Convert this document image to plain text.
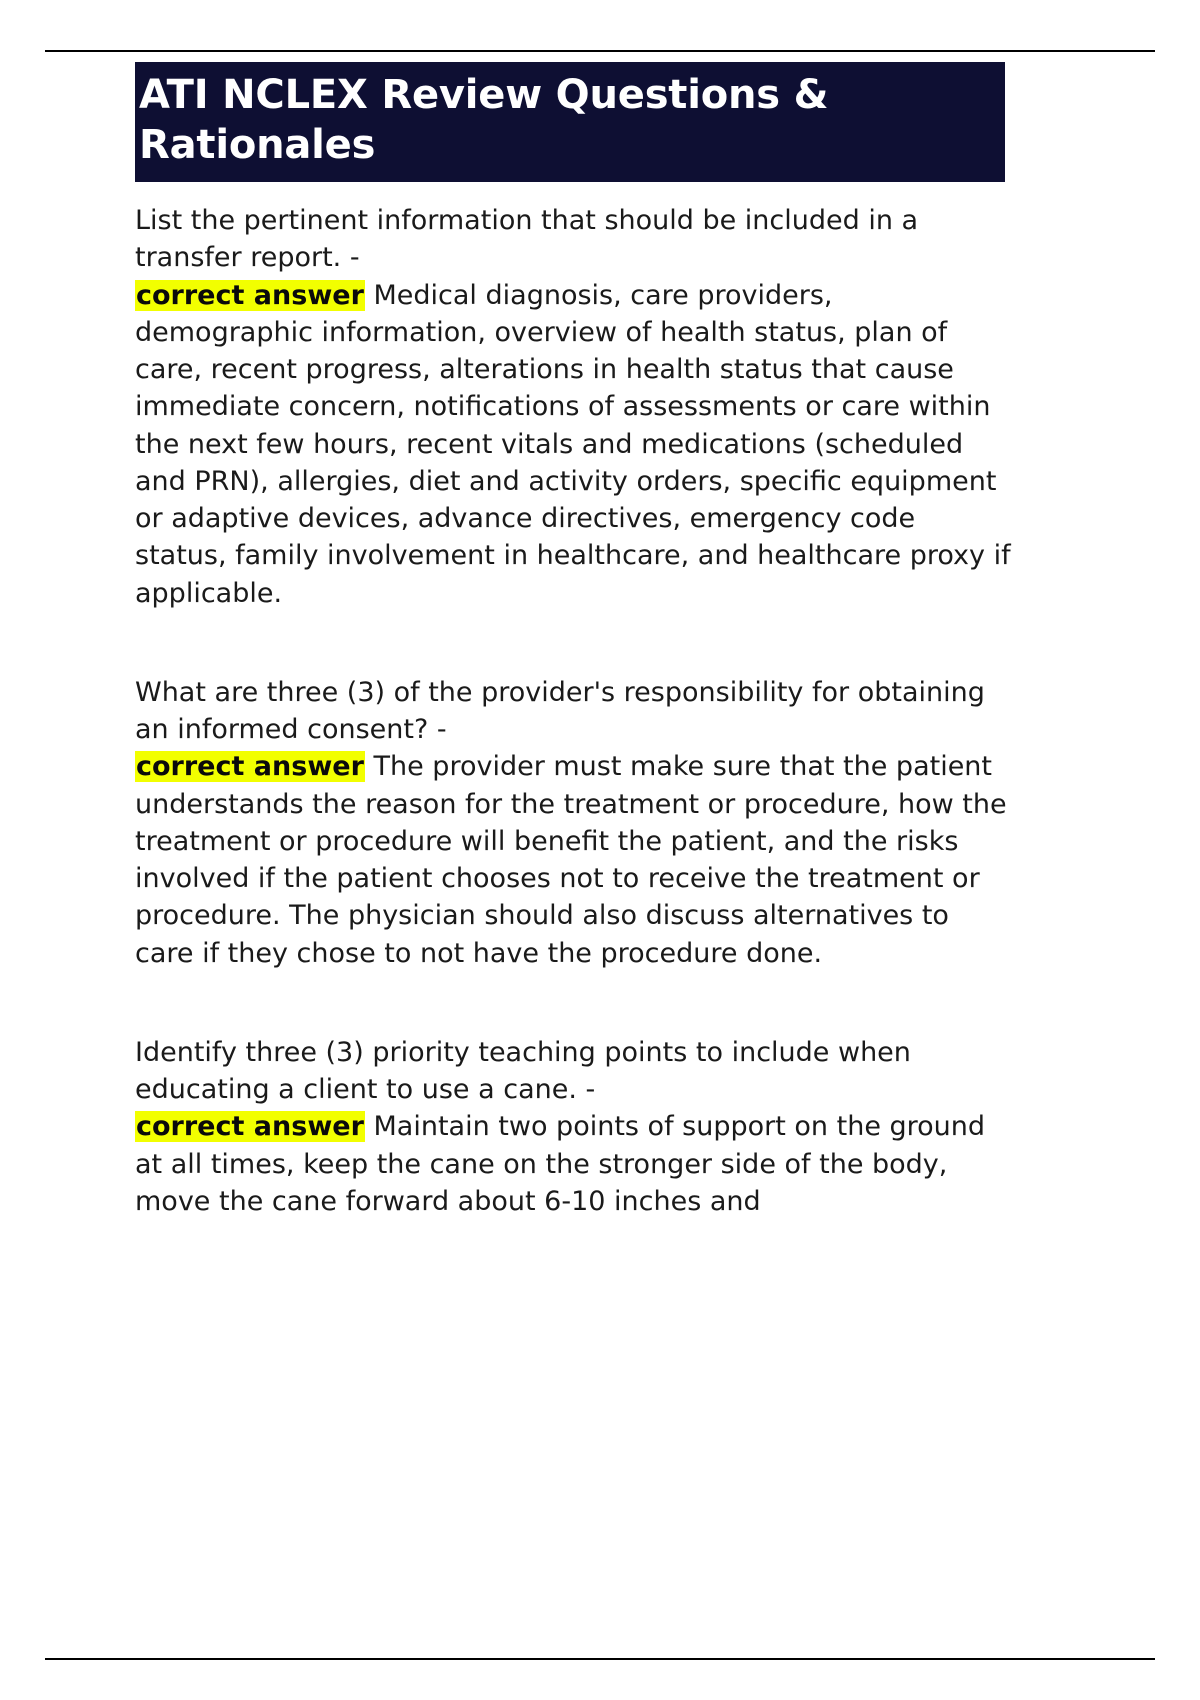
ATI NCLEX Review Questions & Rationales

List the pertinent information that should be included in a transfer report. -
correct answer Medical diagnosis, care providers, demographic information, overview of health status, plan of care, recent progress, alterations in health status that cause immediate concern, notifications of assessments or care within the next few hours, recent vitals and medications (scheduled and PRN), allergies, diet and activity orders, specific equipment or adaptive devices, advance directives, emergency code status, family involvement in healthcare, and healthcare proxy if applicable.

What are three (3) of the provider's responsibility for obtaining an informed consent? -
correct answer The provider must make sure that the patient understands the reason for the treatment or procedure, how the treatment or procedure will benefit the patient, and the risks involved if the patient chooses not to receive the treatment or procedure. The physician should also discuss alternatives to care if they chose to not have the procedure done.

Identify three (3) priority teaching points to include when educating a client to use a cane. -
correct answer Maintain two points of support on the ground at all times, keep the cane on the stronger side of the body, move the cane forward about 6-10 inches and
